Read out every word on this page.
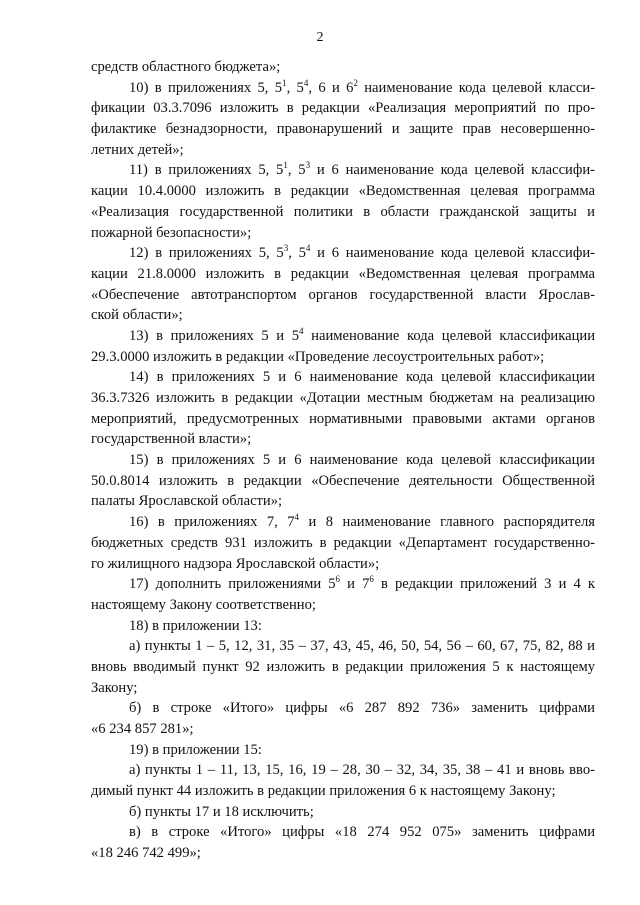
2
средств областного бюджета»;
10) в приложениях 5, $5^1$, $5^4$, 6 и $6^2$ наименование кода целевой класси-
фикации 03.3.7096 изложить в редакции «Реализация мероприятий по про-
филактике безнадзорности, правонарушений и защите прав несовершенно-
летних детей»;
11) в приложениях 5, $5^1$, $5^3$ и 6 наименование кода целевой классифи-
кации 10.4.0000 изложить в редакции «Ведомственная целевая программа
«Реализация государственной политики в области гражданской защиты и
пожарной безопасности»;
12) в приложениях 5, $5^3$, $5^4$ и 6 наименование кода целевой классифи-
кации 21.8.0000 изложить в редакции «Ведомственная целевая программа
«Обеспечение автотранспортом органов государственной власти Ярослав-
ской области»;
13) в приложениях 5 и $5^4$ наименование кода целевой классификации
29.3.0000 изложить в редакции «Проведение лесоустроительных работ»;
14) в приложениях 5 и 6 наименование кода целевой классификации
36.3.7326 изложить в редакции «Дотации местным бюджетам на реализацию
мероприятий, предусмотренных нормативными правовыми актами органов
государственной власти»;
15) в приложениях 5 и 6 наименование кода целевой классификации
50.0.8014 изложить в редакции «Обеспечение деятельности Общественной
палаты Ярославской области»;
16) в приложениях 7, $7^4$ и 8 наименование главного распорядителя
бюджетных средств 931 изложить в редакции «Департамент государственно-
го жилищного надзора Ярославской области»;
17) дополнить приложениями $5^6$ и $7^6$ в редакции приложений 3 и 4 к
настоящему Закону соответственно;
18) в приложении 13:
а) пункты 1 – 5, 12, 31, 35 – 37, 43, 45, 46, 50, 54, 56 – 60, 67, 75, 82, 88 и
вновь вводимый пункт 92 изложить в редакции приложения 5 к настоящему
Закону;
б) в строке «Итого» цифры «6 287 892 736» заменить цифрами
«6 234 857 281»;
19) в приложении 15:
а) пункты 1 – 11, 13, 15, 16, 19 – 28, 30 – 32, 34, 35, 38 – 41 и вновь вво-
димый пункт 44 изложить в редакции приложения 6 к настоящему Закону;
б) пункты 17 и 18 исключить;
в) в строке «Итого» цифры «18 274 952 075» заменить цифрами
«18 246 742 499»;
